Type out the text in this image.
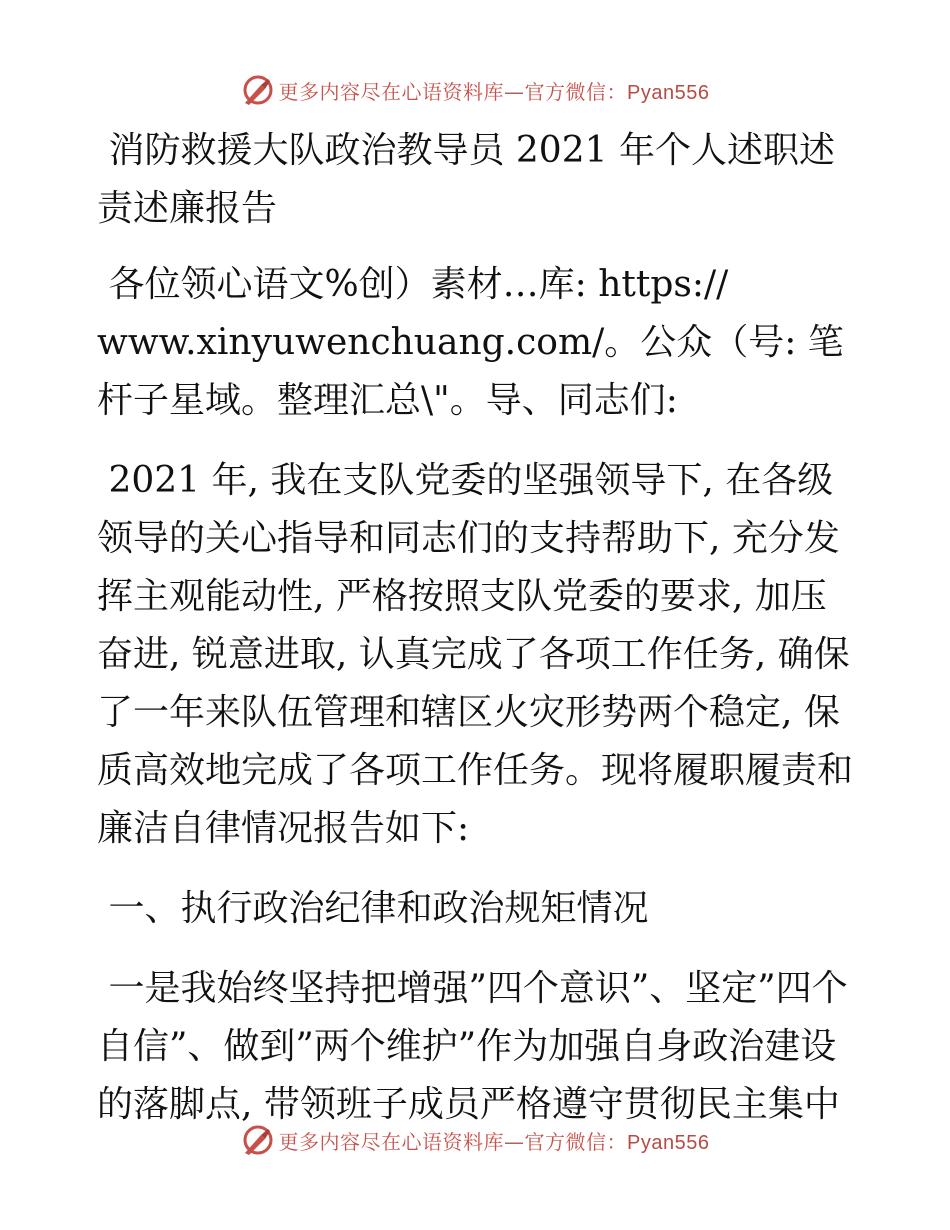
更多内容尽在心语资料库—官方微信：Pyan556

消防救援大队政治教导员 2021 年个人述职述责述廉报告

各位领心语文%创）素材…库: https://
www.xinyuwenchuang.com/。公众（号: 笔杆子星域。整理汇总\"。导、同志们:

2021 年, 我在支队党委的坚强领导下, 在各级领导的关心指导和同志们的支持帮助下, 充分发挥主观能动性, 严格按照支队党委的要求, 加压奋进, 锐意进取, 认真完成了各项工作任务, 确保了一年来队伍管理和辖区火灾形势两个稳定, 保质高效地完成了各项工作任务。现将履职履责和廉洁自律情况报告如下:

一、执行政治纪律和政治规矩情况

一是我始终坚持把增强”四个意识”、坚定”四个自信”、做到”两个维护”作为加强自身政治建设的落脚点, 带领班子成员严格遵守贯彻民主集中

更多内容尽在心语资料库—官方微信：Pyan556
